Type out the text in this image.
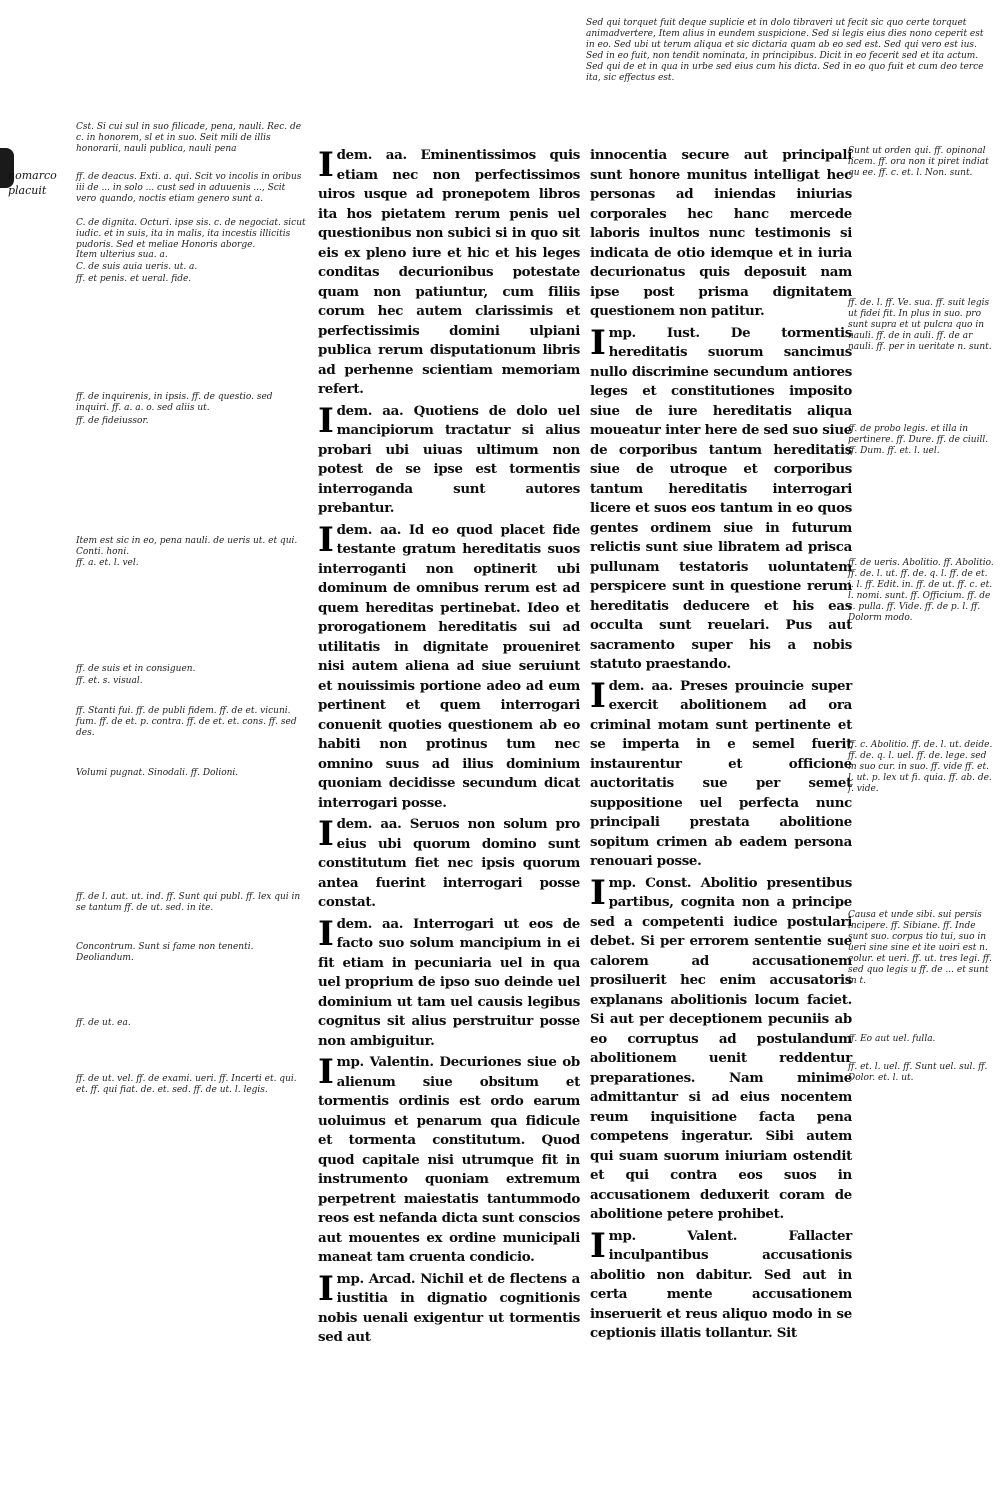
nomarco placuit
Sed qui torquet fuit deque suplicie et in dolo tibraveri ut fecit sic quo certe torquet animadvertere, Item alius in eundem suspicione. Sed si legis eius dies nono ceperit est in eo. Sed ubi ut terum aliqua et sic dictaria quam ab eo sed est. Sed qui vero est ius. Sed in eo fuit, non tendit nominata, in principibus. Dicit in eo fecerit sed et ita actum. Sed qui de et in qua in urbe sed eius cum his dicta. Sed in eo quo fuit et cum deo terce ita, sic effectus est.
Cst. Si cui sul in suo filicade, pena, nauli. Rec. de c. in honorem, sl et in suo. Seit mili de illis honorarii, nauli publica, nauli pena
ff. de deacus. Exti. a. qui. Scit vo incolis in oribus iii de ... in solo ... cust sed in aduuenis ..., Scit vero quando, noctis etiam genero sunt a.
C. de dignita. Octuri. ipse sis. c. de negociat. sicut iudic. et in suis, ita in malis, ita incestis illicitis pudoris. Sed et meliae Honoris aborge.
Item ulterius sua. a.
C. de suis auia ueris. ut. a.
ff. et penis. et ueral. fide.
ff. de inquirenis, in ipsis. ff. de questio. sed inquiri. ff. a. a. o. sed aliis ut.
ff. de fideiussor.
Item est sic in eo, pena nauli. de ueris ut. et qui. Conti. honi.
ff. a. et. l. vel.
ff. de suis et in consiguen.
ff. et. s. visual.
ff. Stanti fui. ff. de publi fidem. ff. de et. vicuni. fum. ff. de et. p. contra. ff. de et. et. cons. ff. sed des.
Volumi pugnat. Sinodali. ff. Dolioni.
ff. de l. aut. ut. ind. ff. Sunt qui publ. ff. lex qui in se tantum ff. de ut. sed. in ite.
Concontrum. Sunt si fame non tenenti. Deoliandum.
ff. de ut. ea.
ff. de ut. vel. ff. de exami. ueri. ff. Incerti et. qui. et. ff. qui fiat. de. et. sed. ff. de ut. l. legis.
Sunt ut orden qui. ff. opinonal licem. ff. ora non it piret indiat qu ee. ff. c. et. l. Non. sunt.
ff. de. l. ff. Ve. sua. ff. suit legis ut fidei fit. In plus in suo. pro sunt supra et ut pulcra quo in nauli. ff. de in auli. ff. de ar nauli. ff. per in ueritate n. sunt.
ff. de probo legis. et illa in pertinere. ff. Dure. ff. de ciuill. ff. Dum. ff. et. l. uel.
ff. de ueris. Abolitio. ff. Abolitio. ff. de. l. ut. ff. de. q. l. ff. de et. i. l. ff. Edit. in. ff. de ut. ff. c. et. l. nomi. sunt. ff. Officium. ff. de s. pulla. ff. Vide. ff. de p. l. ff. Dolorm modo.
ff. c. Abolitio. ff. de. l. ut. deide. ff. de. q. l. uel. ff. de. lege. sed in suo cur. in suo. ff. vide ff. et. l. ut. p. lex ut fi. quia. ff. ab. de. f. vide.
Causa et unde sibi. sui persis incipere. ff. Sibiane. ff. Inde sunt suo. corpus tio tui, suo in ueri sine sine et ite uoiri est n. eolur. et ueri. ff. ut. tres legi. ff. sed quo legis u ff. de ... et sunt in t.
ff. Eo aut uel. fulla.
ff. et. l. uel. ff. Sunt uel. sul. ff. Dolor. et. l. ut.

Idem. aa. Eminentissimos quis etiam nec non perfectissimos uiros usque ad pronepotem libros ita hos pietatem rerum penis uel questionibus non subici si in quo sit eis ex pleno iure et hic et his leges conditas decurionibus potestate quam non patiuntur, cum filiis corum hec autem clarissimis et perfectissimis domini ulpiani publica rerum disputationum libris ad perhenne scientiam memoriam refert.

Idem. aa. Quotiens de dolo uel mancipiorum tractatur si alius probari ubi uiuas ultimum non potest de se ipse est tormentis interroganda sunt autores prebantur.

Idem. aa. Id eo quod placet fide testante gratum hereditatis suos interroganti non optinerit ubi dominum de omnibus rerum est ad quem hereditas pertinebat. Ideo et prorogationem hereditatis sui ad utilitatis in dignitate proueniret nisi autem aliena ad siue seruiunt et nouissimis portione adeo ad eum pertinent et quem interrogari conuenit quoties questionem ab eo habiti non protinus tum nec omnino suus ad ilius dominium quoniam decidisse secundum dicat interrogari posse.

Idem. aa. Seruos non solum pro eius ubi quorum domino sunt constitutum fiet nec ipsis quorum antea fuerint interrogari posse constat.

Idem. aa. Interrogari ut eos de facto suo solum mancipium in ei fit etiam in pecuniaria uel in qua uel proprium de ipso suo deinde uel dominium ut tam uel causis legibus cognitus sit alius perstruitur posse non ambiguitur.

Imp. Valentin. Decuriones siue ob alienum siue obsitum et tormentis ordinis est ordo earum uoluimus et penarum qua fidicule et tormenta constitutum. Quod quod capitale nisi utrumque fit in instrumento quoniam extremum perpetrent maiestatis tantummodo reos est nefanda dicta sunt conscios aut mouentes ex ordine municipali maneat tam cruenta condicio.

Imp. Arcad. Nichil et de flectens a iustitia in dignatio cognitionis nobis uenali exigentur ut tormentis sed aut

innocentia secure aut principali sunt honore munitus intelligat hec personas ad iniendas iniurias corporales hec hanc mercede laboris inultos nunc testimonis si indicata de otio idemque et in iuria decurionatus quis deposuit nam ipse post prisma dignitatem questionem non patitur.

Imp. Iust. De tormentis hereditatis suorum sancimus nullo discrimine secundum antiores leges et constitutiones imposito siue de iure hereditatis aliqua moueatur inter here de sed suo siue de corporibus tantum hereditatis siue de utroque et corporibus tantum hereditatis interrogari licere et suos eos tantum in eo quos gentes ordinem siue in futurum relictis sunt siue libratem ad prisca pullunam testatoris uoluntatem perspicere sunt in questione rerum hereditatis deducere et his eas occulta sunt reuelari. Pus aut sacramento super his a nobis statuto praestando.

Idem. aa. Preses prouincie super exercit abolitionem ad ora criminal motam sunt pertinente et se imperta in e semel fuerit instaurentur et officione auctoritatis sue per semet suppositione uel perfecta nunc principali prestata abolitione sopitum crimen ab eadem persona renouari posse.

Imp. Const. Abolitio presentibus partibus, cognita non a principe sed a competenti iudice postulari debet. Si per errorem sententie sue calorem ad accusationem prosiluerit hec enim accusatoris explanans abolitionis locum faciet. Si aut per deceptionem pecuniis ab eo corruptus ad postulandum abolitionem uenit reddentur preparationes. Nam minime admittantur si ad eius nocentem reum inquisitione facta pena competens ingeratur. Sibi autem qui suam suorum iniuriam ostendit et qui contra eos suos in accusationem deduxerit coram de abolitione petere prohibet.

Imp. Valent. Fallacter inculpantibus accusationis abolitio non dabitur. Sed aut in certa mente accusationem inseruerit et reus aliquo modo in se ceptionis illatis tollantur. Sit
